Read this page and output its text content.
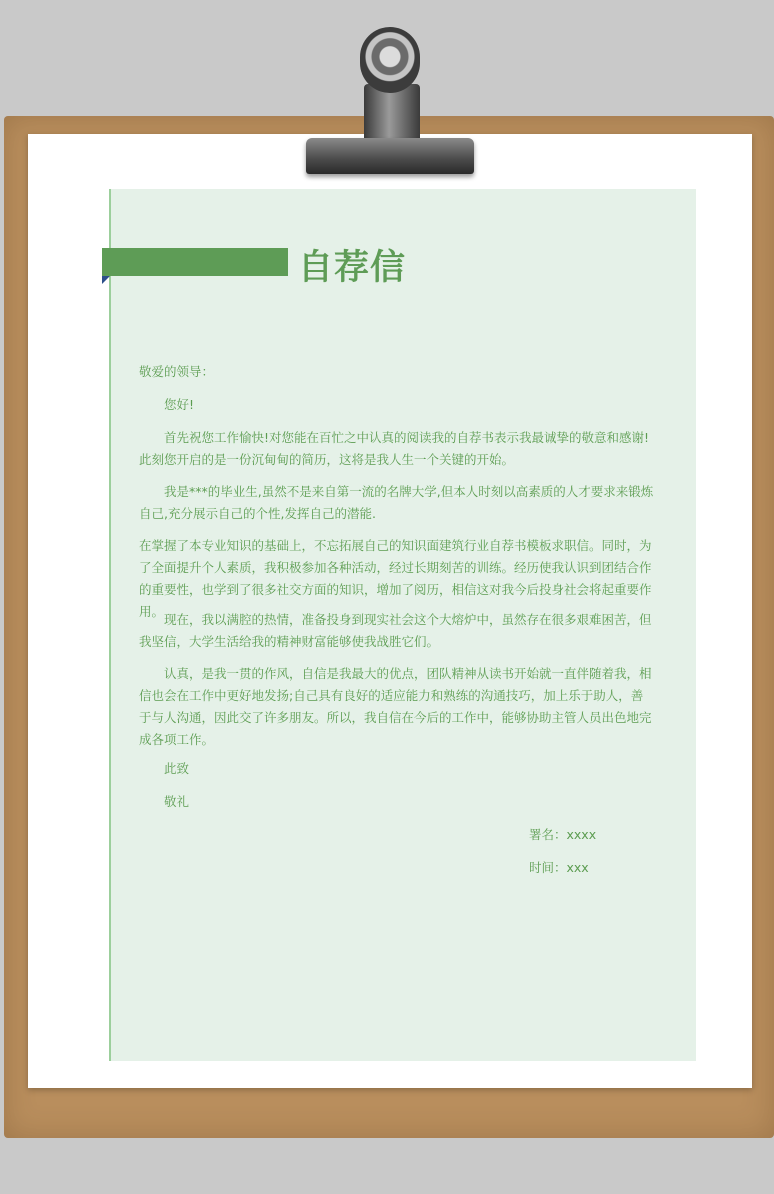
自荐信
敬爱的领导：
您好!
首先祝您工作愉快!对您能在百忙之中认真的阅读我的自荐书表示我最诚挚的敬意和感谢!此刻您开启的是一份沉甸甸的简历，这将是我人生一个关键的开始。
我是***的毕业生,虽然不是来自第一流的名牌大学,但本人时刻以高素质的人才要求来锻炼自己,充分展示自己的个性,发挥自己的潜能.
在掌握了本专业知识的基础上，不忘拓展自己的知识面建筑行业自荐书模板求职信。同时，为了全面提升个人素质，我积极参加各种活动，经过长期刻苦的训练。经历使我认识到团结合作的重要性，也学到了很多社交方面的知识，增加了阅历，相信这对我今后投身社会将起重要作用。
现在，我以满腔的热情，准备投身到现实社会这个大熔炉中，虽然存在很多艰难困苦，但我坚信，大学生活给我的精神财富能够使我战胜它们。
认真，是我一贯的作风，自信是我最大的优点，团队精神从读书开始就一直伴随着我，相信也会在工作中更好地发扬;自己具有良好的适应能力和熟练的沟通技巧，加上乐于助人，善于与人沟通，因此交了许多朋友。所以，我自信在今后的工作中，能够协助主管人员出色地完成各项工作。
此致
敬礼
署名：xxxx
时间：xxx
